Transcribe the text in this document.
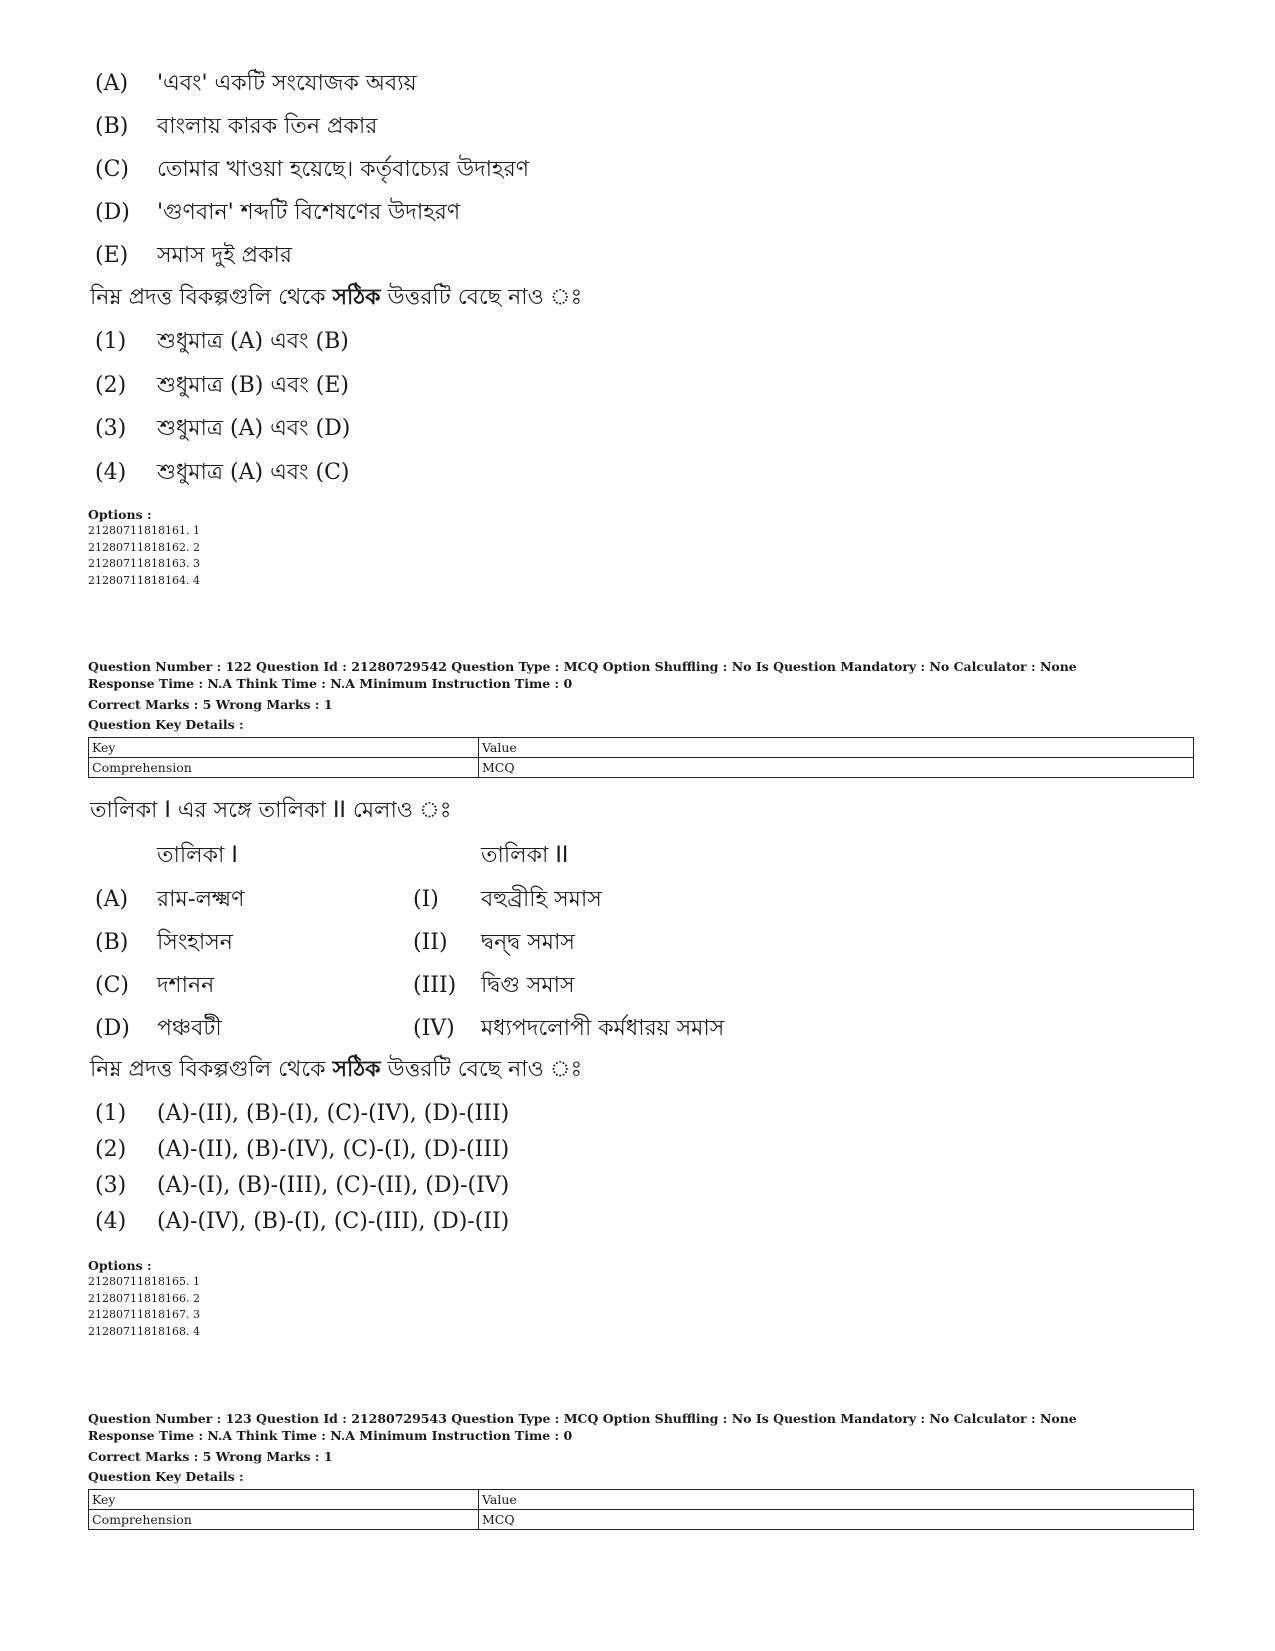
(A) 'এবং' একটি সংযোজক অব্যয়
(B) বাংলায় কারক তিন প্রকার
(C) তোমার খাওয়া হয়েছে। কর্তৃবাচ্যের উদাহরণ
(D) 'গুণবান' শব্দটি বিশেষণের উদাহরণ
(E) সমাস দুই প্রকার
নিম্ন প্রদত্ত বিকল্পগুলি থেকে সঠিক উত্তরটি বেছে নাও ঃ
(1) শুধুমাত্র (A) এবং (B)
(2) শুধুমাত্র (B) এবং (E)
(3) শুধুমাত্র (A) এবং (D)
(4) শুধুমাত্র (A) এবং (C)
Options :
21280711818161. 1
21280711818162. 2
21280711818163. 3
21280711818164. 4
Question Number : 122 Question Id : 21280729542 Question Type : MCQ Option Shuffling : No Is Question Mandatory : No Calculator : None
Response Time : N.A Think Time : N.A Minimum Instruction Time : 0
Correct Marks : 5 Wrong Marks : 1
Question Key Details :
Key	Value
Comprehension	MCQ
তালিকা I এর সঙ্গে তালিকা II মেলাও ঃ
তালিকা I	তালিকা II
(A) রাম-লক্ষ্মণ	(I) বহুব্রীহি সমাস
(B) সিংহাসন	(II) দ্বন্দ্ব সমাস
(C) দশানন	(III) দ্বিগু সমাস
(D) পঞ্চবটী	(IV) মধ্যপদলোপী কর্মধারয় সমাস
নিম্ন প্রদত্ত বিকল্পগুলি থেকে সঠিক উত্তরটি বেছে নাও ঃ
(1) (A)-(II), (B)-(I), (C)-(IV), (D)-(III)
(2) (A)-(II), (B)-(IV), (C)-(I), (D)-(III)
(3) (A)-(I), (B)-(III), (C)-(II), (D)-(IV)
(4) (A)-(IV), (B)-(I), (C)-(III), (D)-(II)
Options :
21280711818165. 1
21280711818166. 2
21280711818167. 3
21280711818168. 4
Question Number : 123 Question Id : 21280729543 Question Type : MCQ Option Shuffling : No Is Question Mandatory : No Calculator : None
Response Time : N.A Think Time : N.A Minimum Instruction Time : 0
Correct Marks : 5 Wrong Marks : 1
Question Key Details :
Key	Value
Comprehension	MCQ
